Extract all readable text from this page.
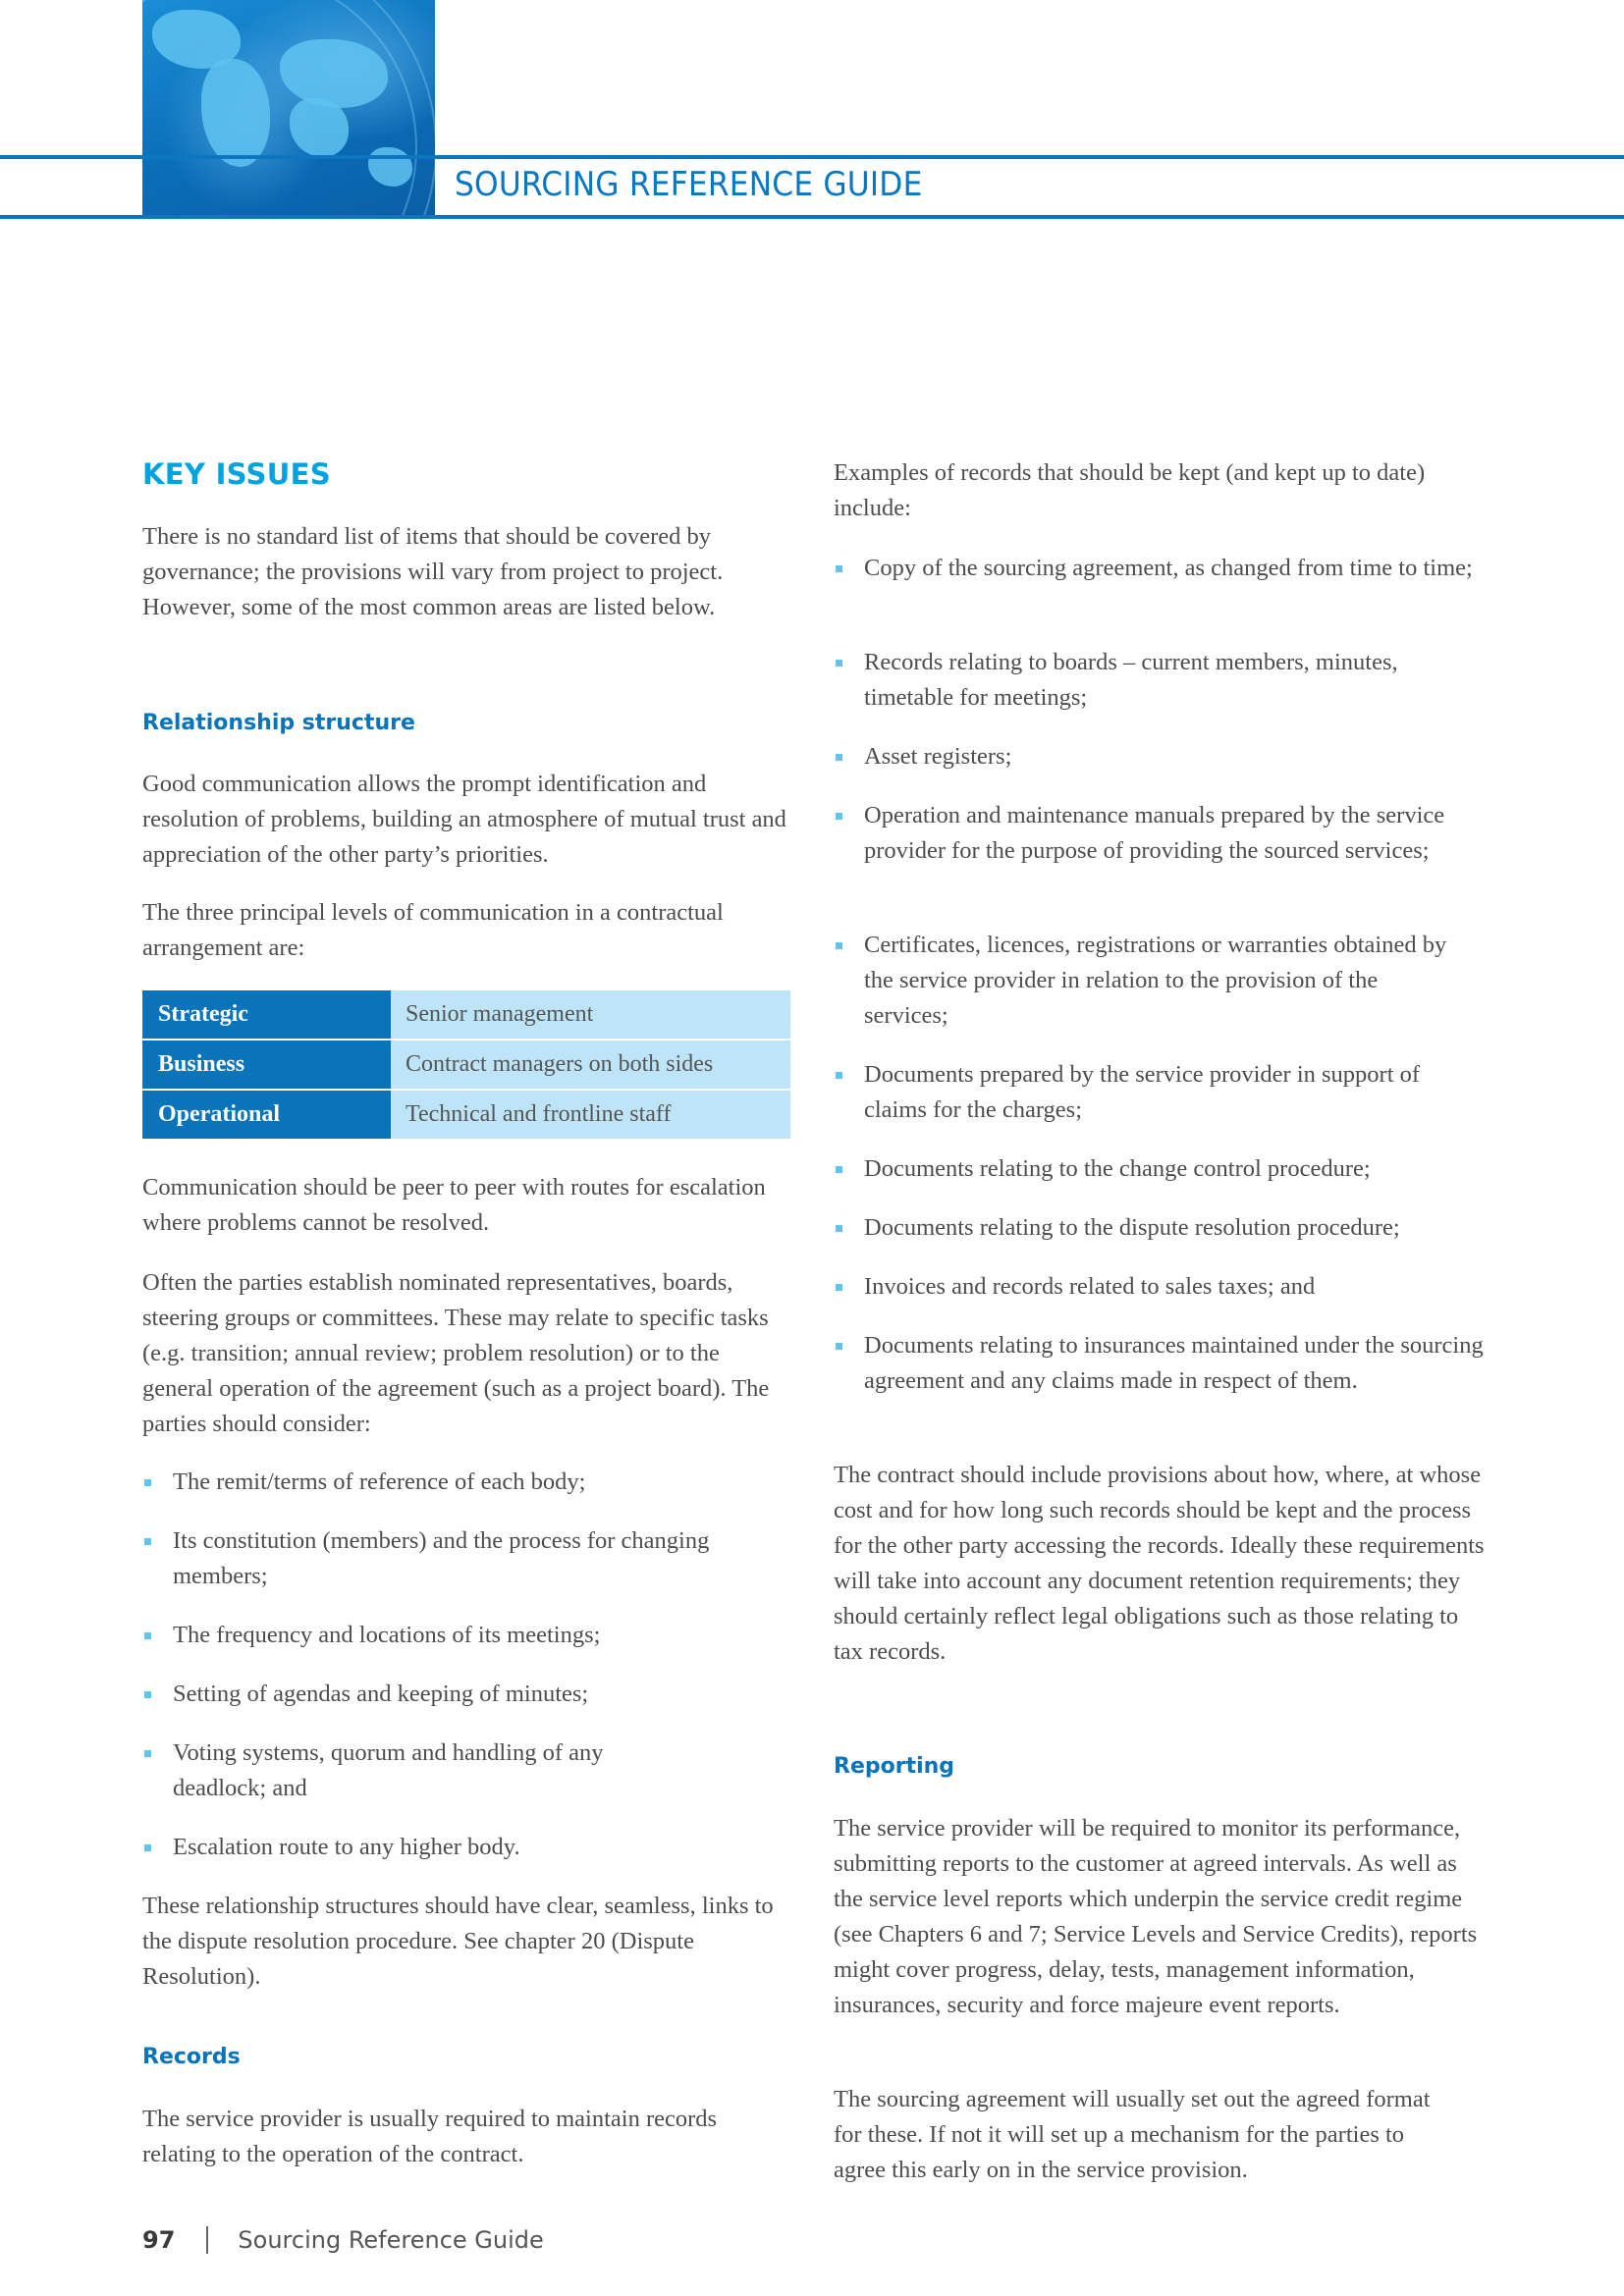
SOURCING REFERENCE GUIDE
KEY ISSUES
There is no standard list of items that should be covered by governance; the provisions will vary from project to project. However, some of the most common areas are listed below.
Relationship structure
Good communication allows the prompt identification and resolution of problems, building an atmosphere of mutual trust and appreciation of the other party’s priorities.
The three principal levels of communication in a contractual arrangement are:
Strategic	Senior management
Business	Contract managers on both sides
Operational	Technical and frontline staff
Communication should be peer to peer with routes for escalation where problems cannot be resolved.
Often the parties establish nominated representatives, boards, steering groups or committees. These may relate to specific tasks (e.g. transition; annual review; problem resolution) or to the general operation of the agreement (such as a project board). The parties should consider:
The remit/terms of reference of each body;
Its constitution (members) and the process for changing members;
The frequency and locations of its meetings;
Setting of agendas and keeping of minutes;
Voting systems, quorum and handling of any deadlock; and
Escalation route to any higher body.
These relationship structures should have clear, seamless, links to the dispute resolution procedure. See chapter 20 (Dispute Resolution).
Records
The service provider is usually required to maintain records relating to the operation of the contract.
Examples of records that should be kept (and kept up to date) include:
Copy of the sourcing agreement, as changed from time to time;
Records relating to boards – current members, minutes, timetable for meetings;
Asset registers;
Operation and maintenance manuals prepared by the service provider for the purpose of providing the sourced services;
Certificates, licences, registrations or warranties obtained by the service provider in relation to the provision of the services;
Documents prepared by the service provider in support of claims for the charges;
Documents relating to the change control procedure;
Documents relating to the dispute resolution procedure;
Invoices and records related to sales taxes; and
Documents relating to insurances maintained under the sourcing agreement and any claims made in respect of them.
The contract should include provisions about how, where, at whose cost and for how long such records should be kept and the process for the other party accessing the records. Ideally these requirements will take into account any document retention requirements; they should certainly reflect legal obligations such as those relating to tax records.
Reporting
The service provider will be required to monitor its performance, submitting reports to the customer at agreed intervals. As well as the service level reports which underpin the service credit regime (see Chapters 6 and 7; Service Levels and Service Credits), reports might cover progress, delay, tests, management information, insurances, security and force majeure event reports.
The sourcing agreement will usually set out the agreed format for these. If not it will set up a mechanism for the parties to agree this early on in the service provision.
97	Sourcing Reference Guide
